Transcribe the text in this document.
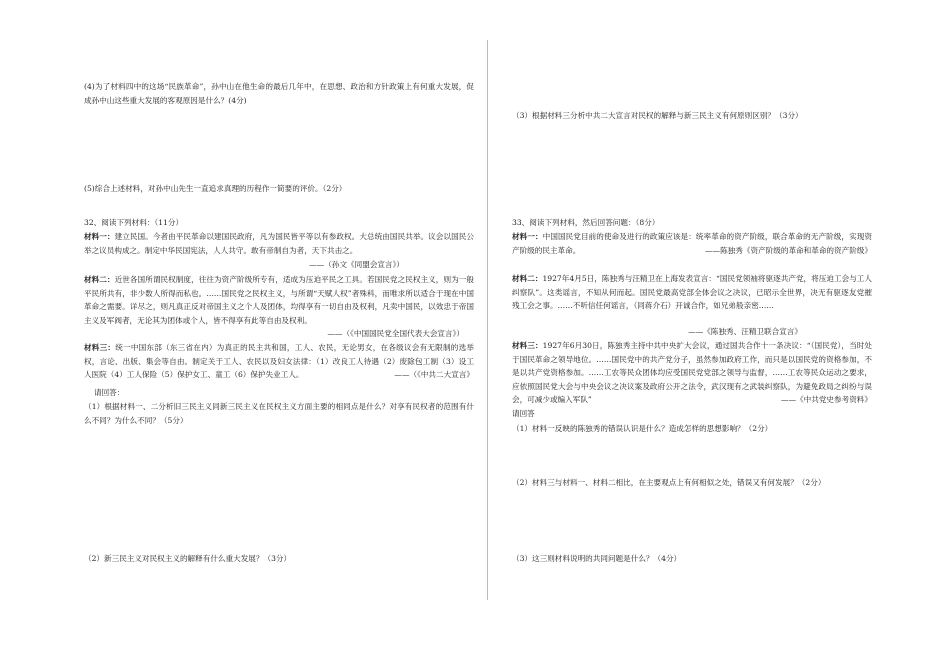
(4)为了材料四中的这场“民族革命”，孙中山在他生命的最后几年中，在思想、政治和方针政策上有何重大发展，促成孙中山这些重大发展的客观原因是什么？(4分)

(5)综合上述材料，对孙中山先生一直追求真理的历程作一简要的评价。（2分）

32、阅读下列材料：（11分）

材料一：建立民国。今者由平民革命以建国民政府，凡为国民皆平等以有参政权。大总统由国民共举。议会以国民公举之议员构成之。制定中华民国宪法，人人共守。敢有帝制自为者，天下共击之。

——（孙文《同盟会宣言》）

材料二：近世各国所谓民权制度，往往为资产阶级所专有，适成为压迫平民之工具。若国民党之民权主义，则为一般平民所共有，非少数人所得而私也。……国民党之民权主义，与所谓“天赋人权”者殊科，而唯求所以适合于现在中国革命之需要。详尽之，则凡真正反对帝国主义之个人及团体，均得享有一切自由及权利，凡卖中国民，以效忠于帝国主义及军阀者，无论其为团体或个人，皆不得享有此等自由及权利。

——（《中国国民党全国代表大会宣言》）

材料三：统一中国东部（东三省在内）为真正的民主共和国，工人、农民，无论男女，在各级议会有无限制的选举权，言论、出版、集会等自由。制定关于工人、农民以及妇女法律：（1）改良工人待遇（2）废除包工制（3）设工人医院（4）工人保险（5）保护女工、童工（6）保护失业工人。	——（《中共二大宣言》

请回答：

（1）根据材料一、二分析旧三民主义同新三民主义在民权主义方面主要的相同点是什么？对享有民权者的范围有什么不同？为什么不同？（5分）

（2）新三民主义对民权主义的解释有什么重大发展？（3分）

（3）根据材料三分析中共二大宣言对民权的解释与新三民主义有何原则区别？（3分）

33、阅读下列材料，然后回答问题：（8分）

材料一：中国国民党目前的使命及进行的政策应该是：统率革命的资产阶级，联合革命的无产阶级，实现资产阶级的民主革命。	——陈独秀《资产阶级的革命和革命的资产阶级》

材料二：1927年4月5日，陈独秀与汪精卫在上海发表宣言：“国民党领袖将驱逐共产党，将压迫工会与工人纠察队”。这类谣言，不知从何而起。国民党最高党部全体会议之决议，已昭示全世界，决无有驱逐友党摧残工会之事。……不听信任何谣言，（同蒋介石）开诚合作，如兄弟般亲密……

——《陈独秀、汪精卫联合宣言》

材料三：1927年6月30日，陈独秀主持中共中央扩大会议，通过国共合作十一条决议：“（国民党），当时处于国民革命之领导地位。……国民党中的共产党分子，虽然参加政府工作，而只是以国民党的资格参加，不是以共产党资格参加。……工农等民众团体均应受国民党党部之领导与监督，……工农等民众运动之要求，应依照国民党大会与中央会议之决议案及政府公开之法令，武汉现有之武装纠察队，为避免政局之纠纷与误会，可减少或编入军队”	——《中共党史参考资料》

请回答

（1）材料一反映的陈独秀的错误认识是什么？造成怎样的思想影响？（2分）

（2）材料三与材料一、材料二相比，在主要观点上有何相似之处，错误又有何发展？（2分）

（3）这三则材料说明的共同问题是什么？（4分）
